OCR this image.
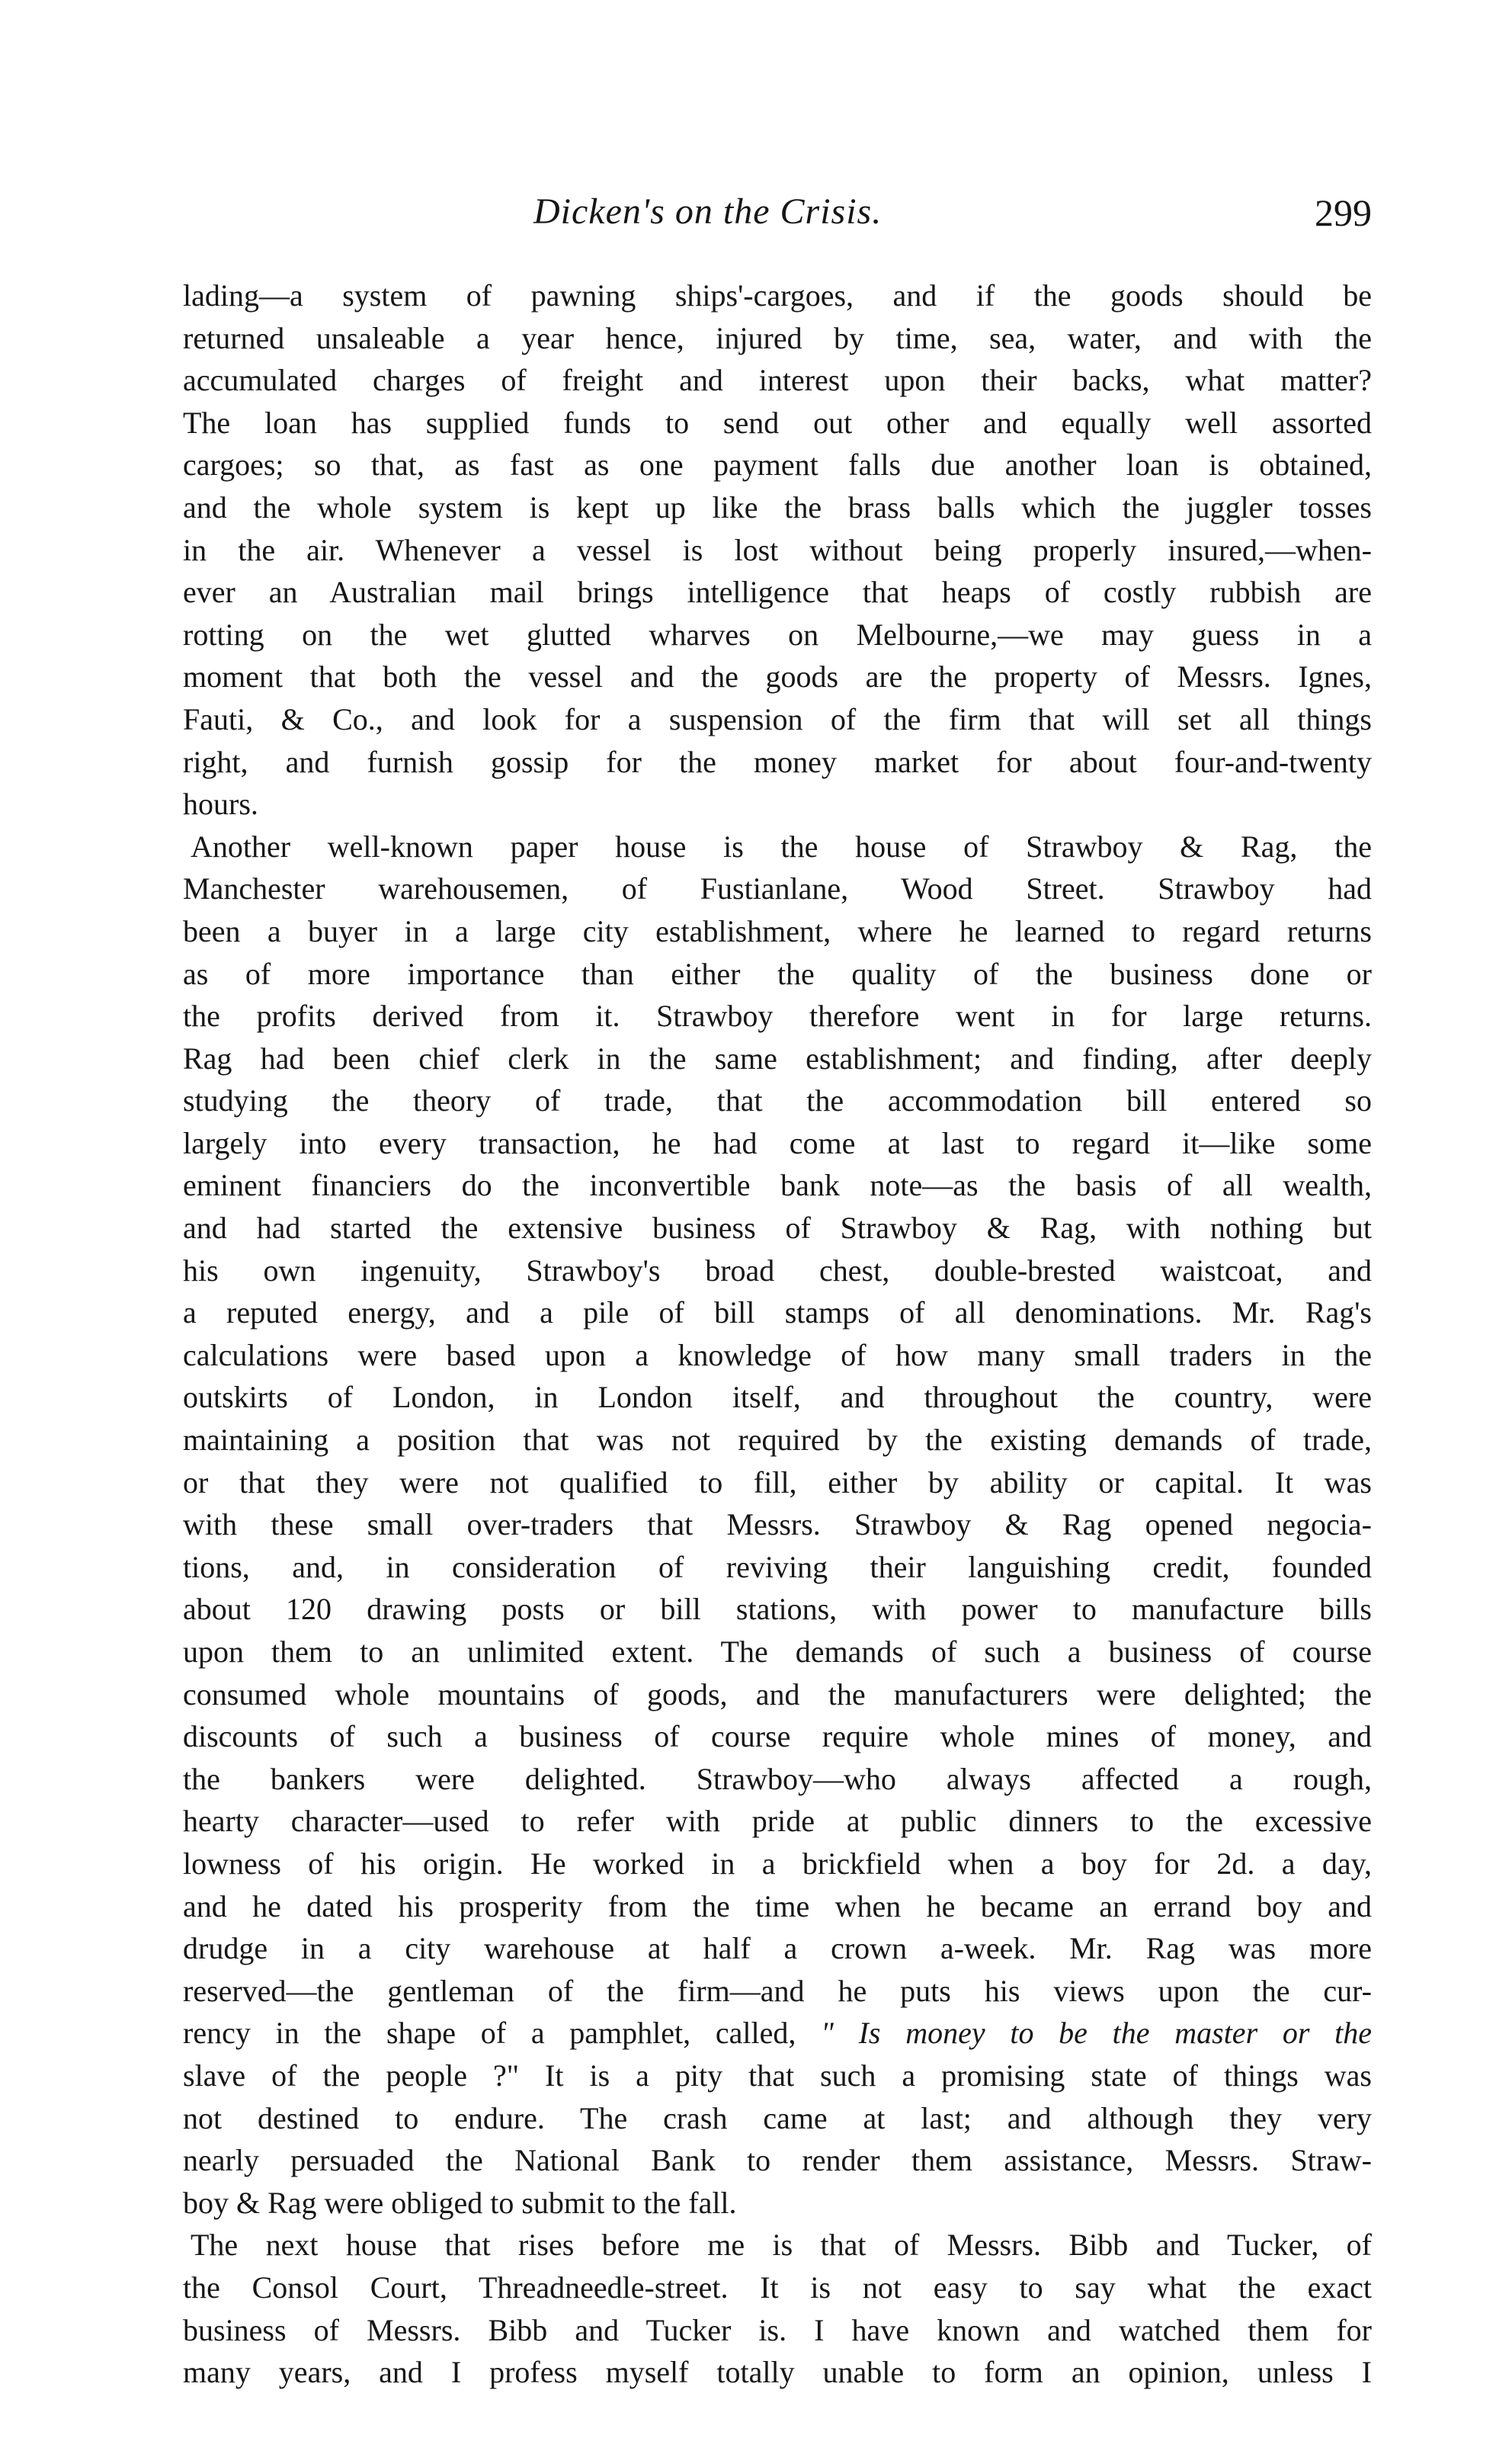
Dicken's on the Crisis.	299
lading—a system of pawning ships'-cargoes, and if the goods should be
returned unsaleable a year hence, injured by time, sea, water, and with the
accumulated charges of freight and interest upon their backs, what matter?
The loan has supplied funds to send out other and equally well assorted
cargoes; so that, as fast as one payment falls due another loan is obtained,
and the whole system is kept up like the brass balls which the juggler tosses
in the air. Whenever a vessel is lost without being properly insured,—when-
ever an Australian mail brings intelligence that heaps of costly rubbish are
rotting on the wet glutted wharves on Melbourne,—we may guess in a
moment that both the vessel and the goods are the property of Messrs. Ignes,
Fauti, & Co., and look for a suspension of the firm that will set all things
right, and furnish gossip for the money market for about four-and-twenty
hours.
Another well-known paper house is the house of Strawboy & Rag, the
Manchester warehousemen, of Fustianlane, Wood Street. Strawboy had
been a buyer in a large city establishment, where he learned to regard returns
as of more importance than either the quality of the business done or
the profits derived from it. Strawboy therefore went in for large returns.
Rag had been chief clerk in the same establishment; and finding, after deeply
studying the theory of trade, that the accommodation bill entered so
largely into every transaction, he had come at last to regard it—like some
eminent financiers do the inconvertible bank note—as the basis of all wealth,
and had started the extensive business of Strawboy & Rag, with nothing but
his own ingenuity, Strawboy's broad chest, double-brested waistcoat, and
a reputed energy, and a pile of bill stamps of all denominations. Mr. Rag's
calculations were based upon a knowledge of how many small traders in the
outskirts of London, in London itself, and throughout the country, were
maintaining a position that was not required by the existing demands of trade,
or that they were not qualified to fill, either by ability or capital. It was
with these small over-traders that Messrs. Strawboy & Rag opened negocia-
tions, and, in consideration of reviving their languishing credit, founded
about 120 drawing posts or bill stations, with power to manufacture bills
upon them to an unlimited extent. The demands of such a business of course
consumed whole mountains of goods, and the manufacturers were delighted; the
discounts of such a business of course require whole mines of money, and
the bankers were delighted. Strawboy—who always affected a rough,
hearty character—used to refer with pride at public dinners to the excessive
lowness of his origin. He worked in a brickfield when a boy for 2d. a day,
and he dated his prosperity from the time when he became an errand boy and
drudge in a city warehouse at half a crown a-week. Mr. Rag was more
reserved—the gentleman of the firm—and he puts his views upon the cur-
rency in the shape of a pamphlet, called, " Is money to be the master or the
slave of the people ?" It is a pity that such a promising state of things was
not destined to endure. The crash came at last; and although they very
nearly persuaded the National Bank to render them assistance, Messrs. Straw-
boy & Rag were obliged to submit to the fall.
The next house that rises before me is that of Messrs. Bibb and Tucker, of
the Consol Court, Threadneedle-street. It is not easy to say what the exact
business of Messrs. Bibb and Tucker is. I have known and watched them for
many years, and I profess myself totally unable to form an opinion, unless I
